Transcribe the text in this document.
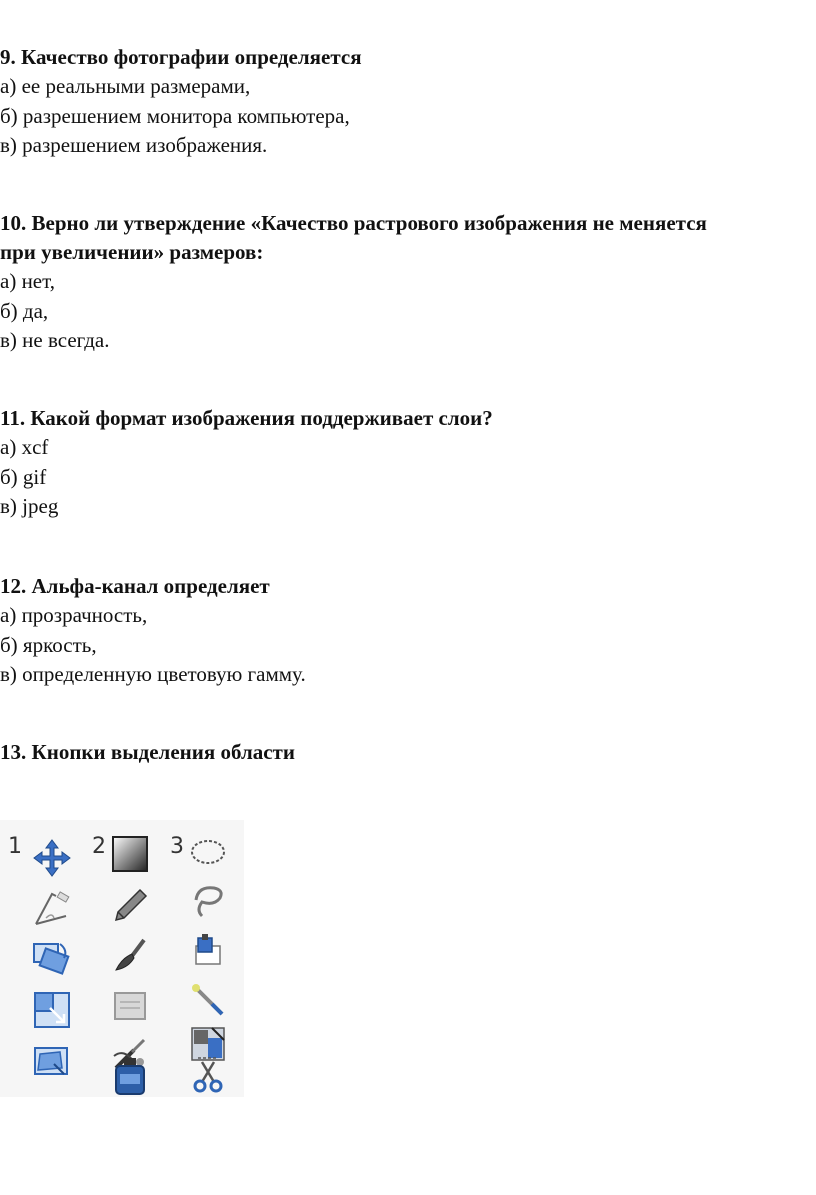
9. Качество фотографии определяется

а) ее реальными размерами,

б) разрешением монитора компьютера,

в) разрешением изображения.

10. Верно ли утверждение «Качество растрового изображения не меняется при увеличении» размеров:

а) нет,

б) да,

в) не всегда.

11. Какой формат изображения поддерживает слои?

а) xcf

б) gif

в) jpeg

12. Альфа-канал определяет

а) прозрачность,

б) яркость,

в) определенную цветовую гамму.

13. Кнопки выделения области

1	2	3
